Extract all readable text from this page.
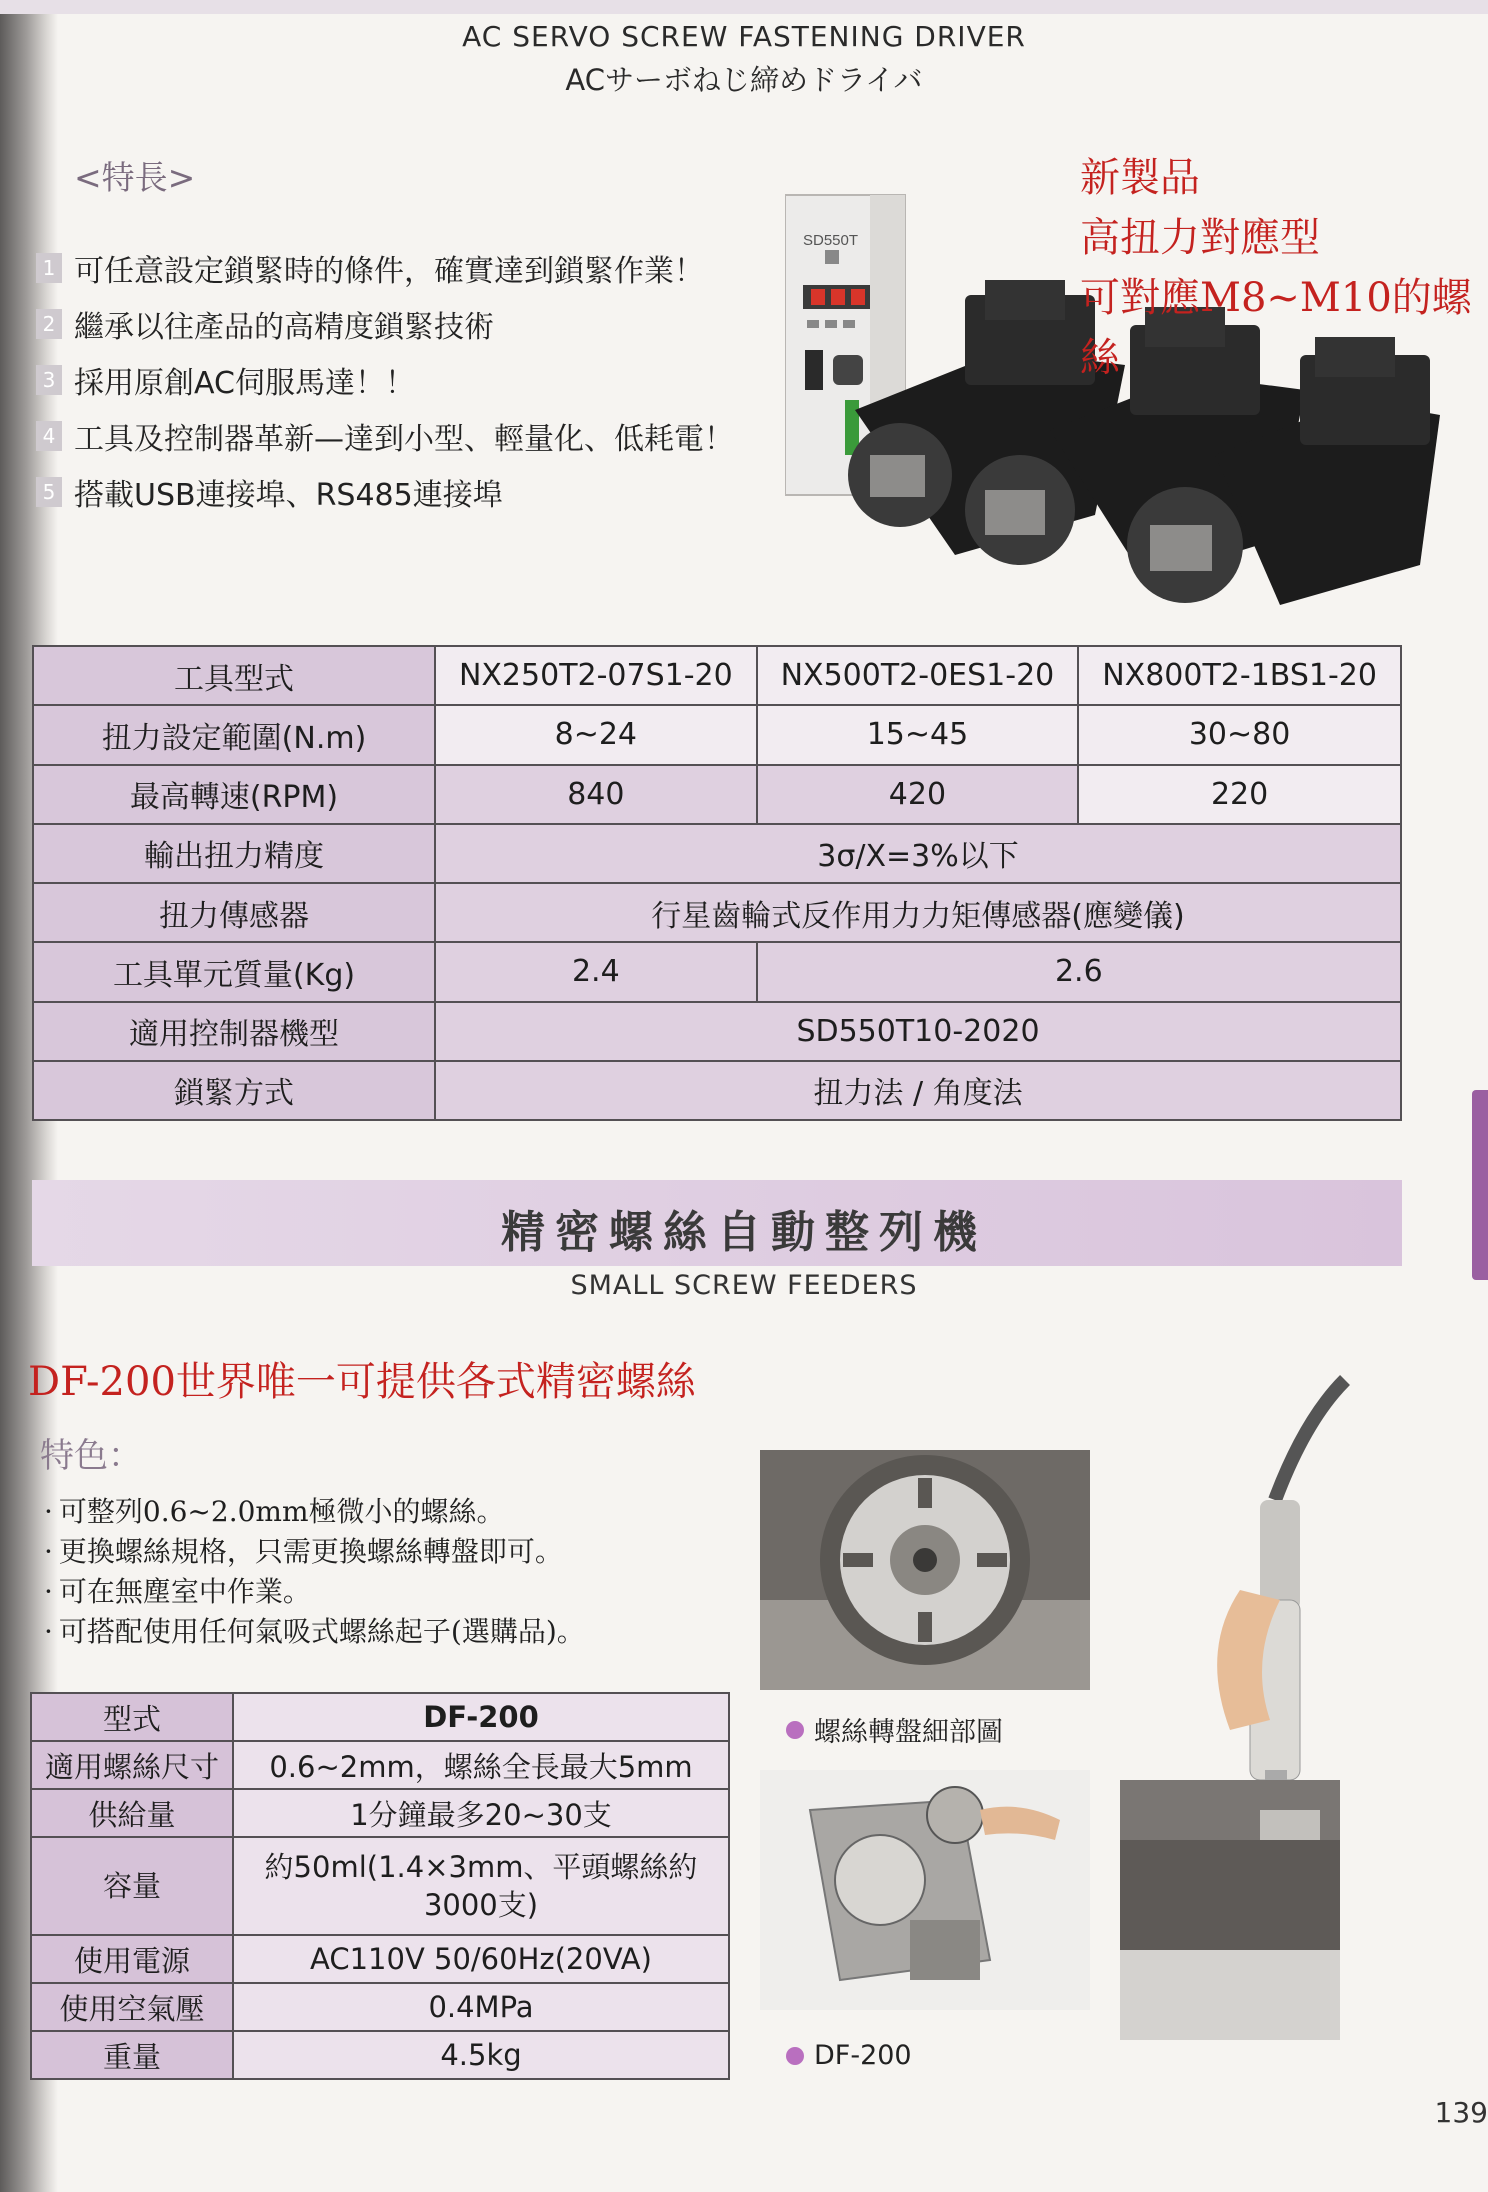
AC SERVO SCREW FASTENING DRIVER
ACサーボねじ締めドライバ
<特長>
1 可任意設定鎖緊時的條件，確實達到鎖緊作業！
2 繼承以往產品的高精度鎖緊技術
3 採用原創AC伺服馬達！！
4 工具及控制器革新—達到小型、輕量化、低耗電！
5 搭載USB連接埠、RS485連接埠
SD550T
新製品
高扭力對應型
可對應M8~M10的螺絲
工具型式	NX250T2-07S1-20	NX500T2-0ES1-20	NX800T2-1BS1-20
扭力設定範圍(N.m)	8~24	15~45	30~80
最高轉速(RPM)	840	420	220
輸出扭力精度	3σ/X=3%以下		
扭力傳感器	行星齒輪式反作用力力矩傳感器(應變儀)		
工具單元質量(Kg)	2.4	2.6	
適用控制器機型	SD550T10-2020		
鎖緊方式	扭力法 / 角度法		
精密螺絲自動整列機
SMALL SCREW FEEDERS
DF-200世界唯一可提供各式精密螺絲
特色：
· 可整列0.6~2.0mm極微小的螺絲。
· 更換螺絲規格，只需更換螺絲轉盤即可。
· 可在無塵室中作業。
· 可搭配使用任何氣吸式螺絲起子(選購品)。
型式	DF-200
適用螺絲尺寸	0.6~2mm，螺絲全長最大5mm
供給量	1分鐘最多20~30支
容量	約50ml(1.4×3mm、平頭螺絲約3000支)
使用電源	AC110V 50/60Hz(20VA)
使用空氣壓	0.4MPa
重量	4.5kg
螺絲轉盤細部圖
DF-200
139
